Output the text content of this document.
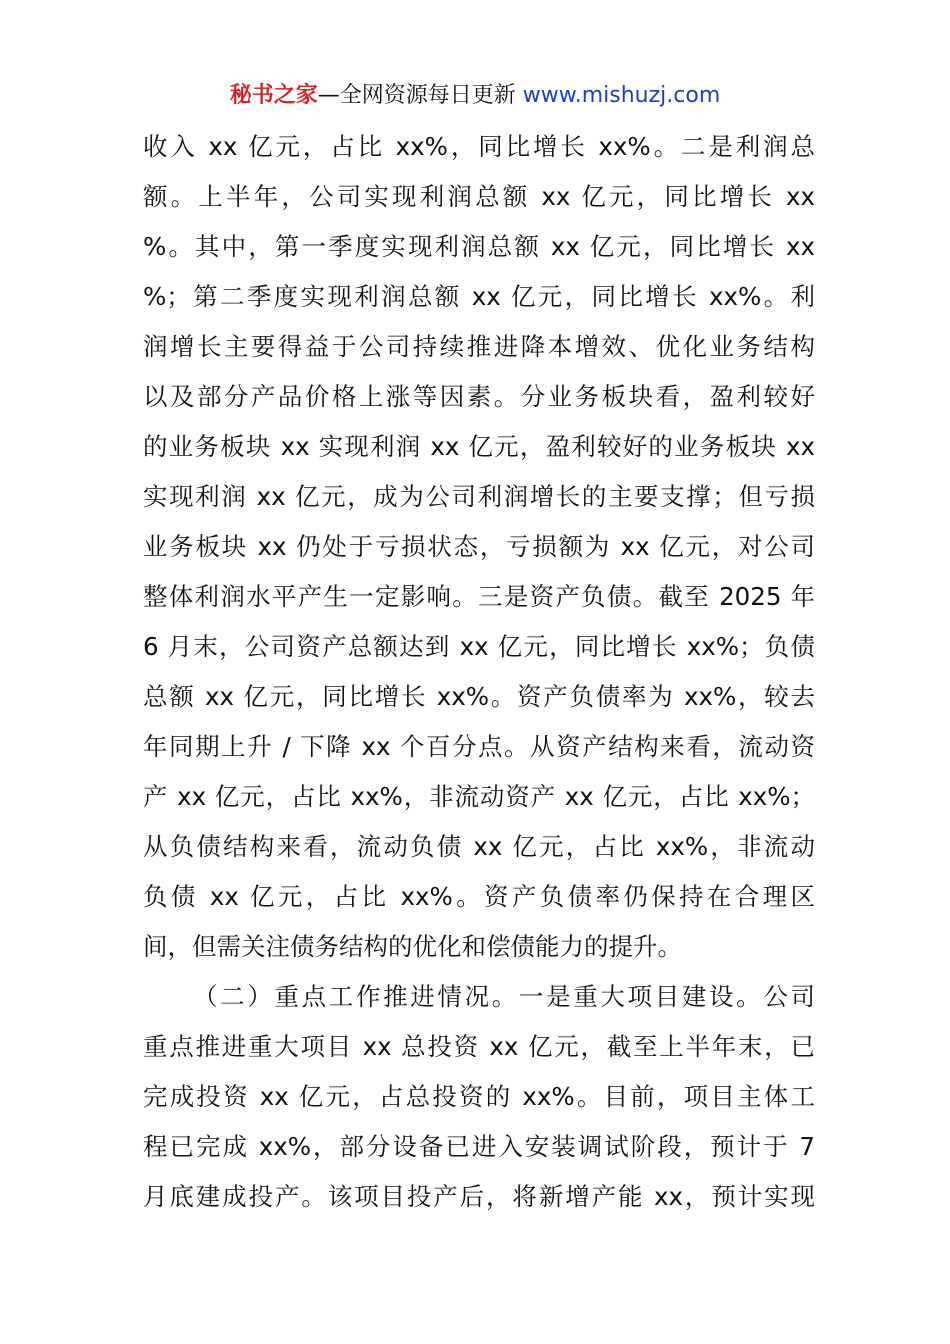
秘书之家—全网资源每日更新 www.mishuzj.com
收入 xx 亿元，占比 xx%，同比增长 xx%。二是利润总
额。上半年，公司实现利润总额 xx 亿元，同比增长 xx
%。其中，第一季度实现利润总额 xx 亿元，同比增长 xx
%；第二季度实现利润总额 xx 亿元，同比增长 xx%。利
润增长主要得益于公司持续推进降本增效、优化业务结构
以及部分产品价格上涨等因素。分业务板块看，盈利较好
的业务板块 xx 实现利润 xx 亿元，盈利较好的业务板块 xx
实现利润 xx 亿元，成为公司利润增长的主要支撑；但亏损
业务板块 xx 仍处于亏损状态，亏损额为 xx 亿元，对公司
整体利润水平产生一定影响。三是资产负债。截至 2025 年
6 月末，公司资产总额达到 xx 亿元，同比增长 xx%；负债
总额 xx 亿元，同比增长 xx%。资产负债率为 xx%，较去
年同期上升 / 下降 xx 个百分点。从资产结构来看，流动资
产 xx 亿元，占比 xx%，非流动资产 xx 亿元，占比 xx%；
从负债结构来看，流动负债 xx 亿元，占比 xx%，非流动
负债 xx 亿元，占比 xx%。资产负债率仍保持在合理区
间，但需关注债务结构的优化和偿债能力的提升。
（二）重点工作推进情况。一是重大项目建设。公司
重点推进重大项目 xx 总投资 xx 亿元，截至上半年末，已
完成投资 xx 亿元，占总投资的 xx%。目前，项目主体工
程已完成 xx%，部分设备已进入安装调试阶段，预计于 7
月底建成投产。该项目投产后，将新增产能 xx，预计实现
